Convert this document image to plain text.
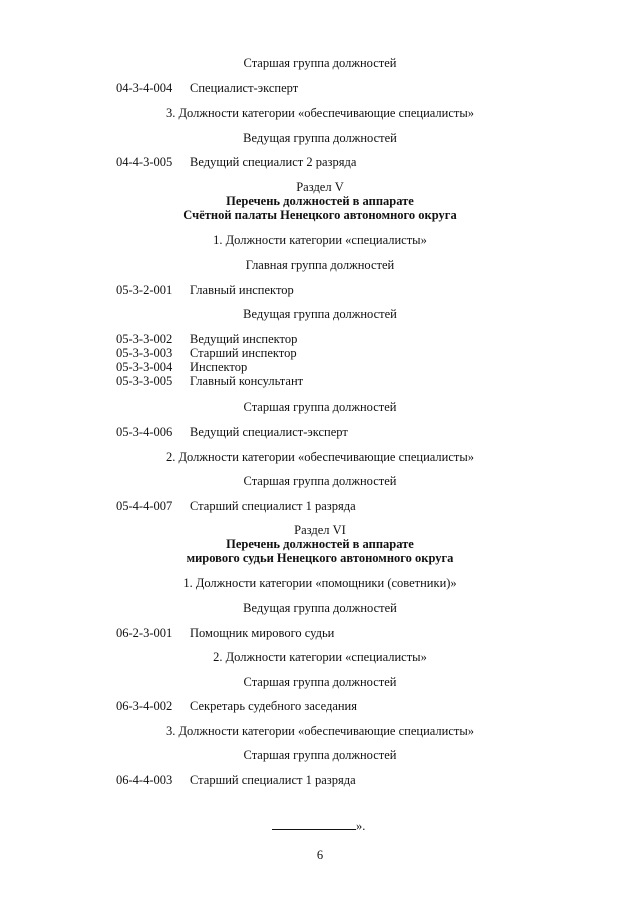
Старшая группа должностей
04-3-4-004 Специалист-эксперт
3. Должности категории «обеспечивающие специалисты»
Ведущая группа должностей
04-4-3-005 Ведущий специалист 2 разряда
Раздел V
Перечень должностей в аппарате
Счётной палаты Ненецкого автономного округа
1. Должности категории «специалисты»
Главная группа должностей
05-3-2-001 Главный инспектор
Ведущая группа должностей
05-3-3-002 Ведущий инспектор
05-3-3-003 Старший инспектор
05-3-3-004 Инспектор
05-3-3-005 Главный консультант
Старшая группа должностей
05-3-4-006 Ведущий специалист-эксперт
2. Должности категории «обеспечивающие специалисты»
Старшая группа должностей
05-4-4-007 Старший специалист 1 разряда
Раздел VI
Перечень должностей в аппарате
мирового судьи Ненецкого автономного округа
1. Должности категории «помощники (советники)»
Ведущая группа должностей
06-2-3-001 Помощник мирового судьи
2. Должности категории «специалисты»
Старшая группа должностей
06-3-4-002 Секретарь судебного заседания
3. Должности категории «обеспечивающие специалисты»
Старшая группа должностей
06-4-4-003 Старший специалист 1 разряда
».
6
